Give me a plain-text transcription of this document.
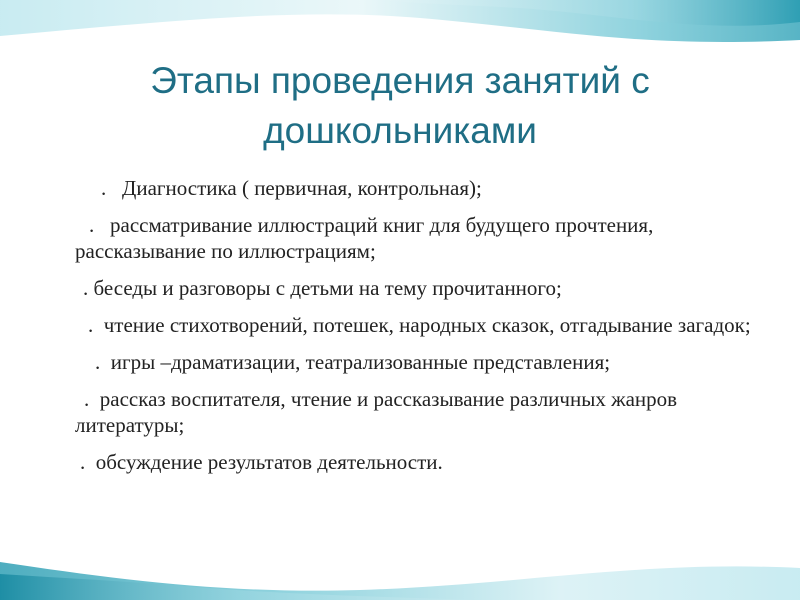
Этапы проведения занятий с дошкольниками
.   Диагностика ( первичная, контрольная);
.   рассматривание иллюстраций книг для будущего прочтения, рассказывание по иллюстрациям;
. беседы и разговоры с детьми на тему прочитанного;
.  чтение стихотворений, потешек, народных сказок, отгадывание загадок;
.  игры –драматизации, театрализованные представления;
.  рассказ воспитателя, чтение и рассказывание различных жанров литературы;
.  обсуждение результатов деятельности.
